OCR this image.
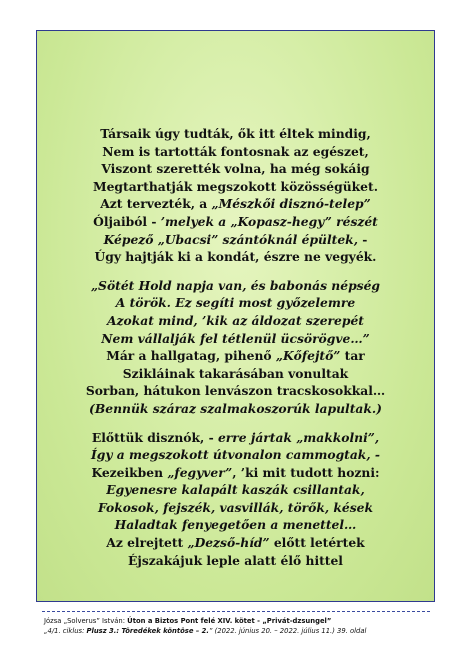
Társaik úgy tudták, ők itt éltek mindig,
Nem is tartották fontosnak az egészet,
Viszont szerették volna, ha még sokáig
Megtarthatják megszokott közösségüket.
Azt tervezték, a „Mészkői disznó-telep”
Óljaiból - ’melyek a „Kopasz-hegy” részét
Képező „Ubacsi” szántóknál épültek, -
Úgy hajtják ki a kondát, észre ne vegyék.
„Sötét Hold napja van, és babonás népség
A török. Ez segíti most győzelemre
Azokat mind, ’kik az áldozat szerepét
Nem vállalják fel tétlenül ücsörögve…”
Már a hallgatag, pihenő „Kőfejtő” tar
Szikláinak takarásában vonultak
Sorban, hátukon lenvászon tracskosokkal…
(Bennük száraz szalmakoszorúk lapultak.)
Előttük disznók, - erre jártak „makkolni”,
Így a megszokott útvonalon cammogtak, -
Kezeikben „fegyver”, ’ki mit tudott hozni:
Egyenesre kalapált kaszák csillantak,
Fokosok, fejszék, vasvillák, törők, kések
Haladtak fenyegetően a menettel…
Az elrejtett „Dezső-híd” előtt letértek
Éjszakájuk leple alatt élő hittel
Józsa „Solverus” István: Úton a Biztos Pont felé XIV. kötet - „Privát-dzsungel”
„4/1. ciklus: Plusz 3.: Töredékek köntöse – 2.” (2022. június 20. – 2022. július 11.) 39. oldal
